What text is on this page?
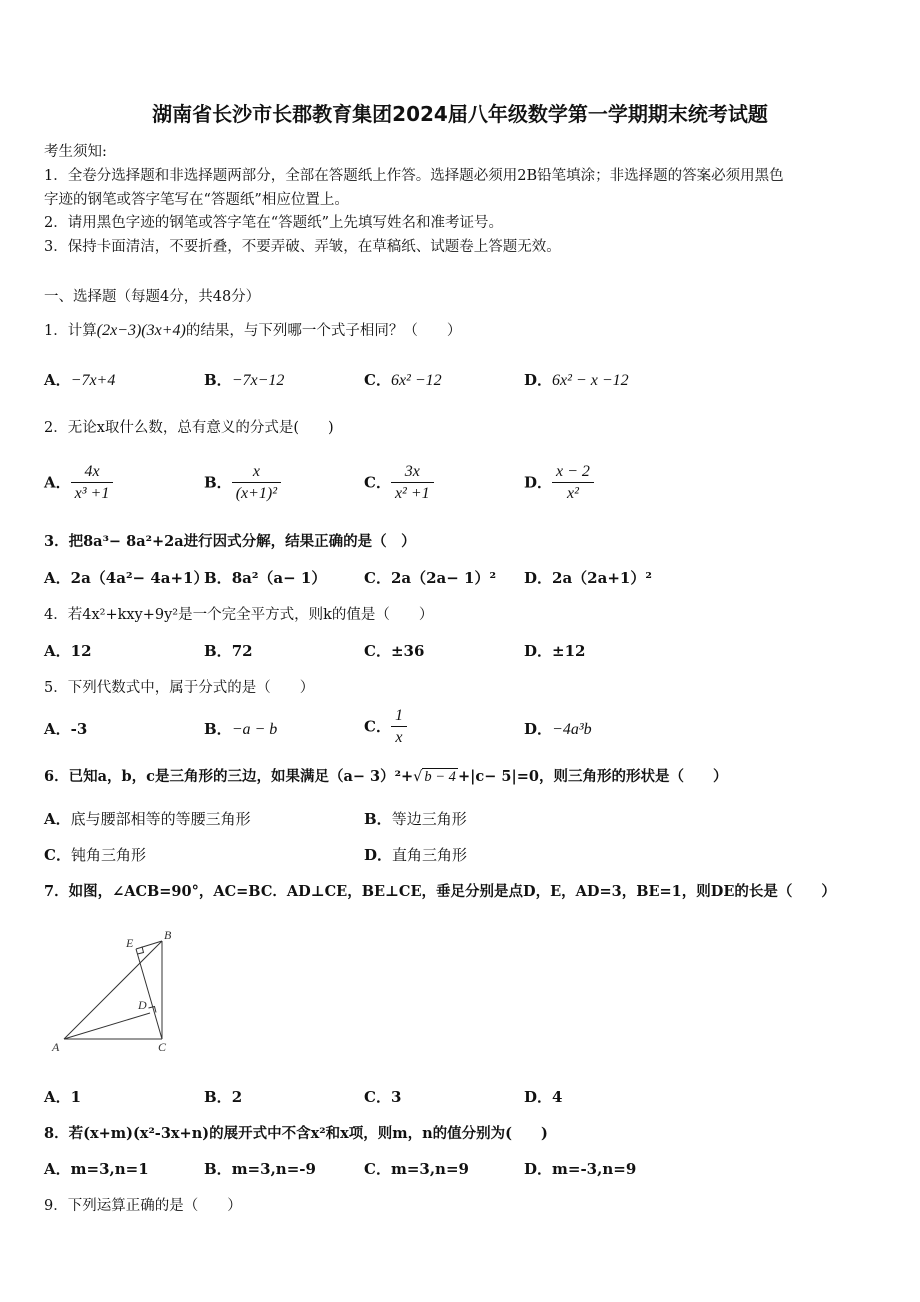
湖南省长沙市长郡教育集团2024届八年级数学第一学期期末统考试题
考生须知:
1．全卷分选择题和非选择题两部分，全部在答题纸上作答。选择题必须用2B铅笔填涂；非选择题的答案必须用黑色
字迹的钢笔或答字笔写在“答题纸”相应位置上。
2．请用黑色字迹的钢笔或答字笔在“答题纸”上先填写姓名和准考证号。
3．保持卡面清洁，不要折叠，不要弄破、弄皱，在草稿纸、试题卷上答题无效。
一、选择题（每题4分，共48分）
1．计算(2x−3)(3x+4)的结果，与下列哪一个式子相同？（　　）
A．−7x+4	B．−7x−12	C．6x² −12	D．6x² − x −12
2．无论x取什么数，总有意义的分式是(　　)
A． $\frac{4x}{\text{x³ +1}}$	B． $\frac{x}{\text{(x+1)²}}$	C． $\frac{3x}{\text{x² +1}}$	D． $\frac{x - 2}{\text{x²}}$
3．把8a³− 8a²+2a进行因式分解，结果正确的是（　）
A．2a（4a²− 4a+1）
B．8a²（a− 1）	C．2a（2a− 1）² D．2a（2a+1）²
4．若4x²+kxy+9y²是一个完全平方式，则k的值是（　　）
A．12	B．72	C．±36	D．±12
5．下列代数式中，属于分式的是（　　）
A．-3	B．−a − b	C． $\frac{1}{x}$	D．−4a³b
6．已知a，b，c是三角形的三边，如果满足（a− 3）²+√ b − 4 +|c− 5|=0，则三角形的形状是（　　）
A．底与腰部相等的等腰三角形	B．等边三角形
C．钝角三角形	D．直角三角形
7．如图，∠ACB=90°，AC=BC．AD⊥CE，BE⊥CE，垂足分别是点D，E，AD=3，BE=1，则DE的长是（　　）
A
B
C
D
E
A．1	B．2	C．3	D．4
8．若(x+m)(x²-3x+n)的展开式中不含x²和x项，则m，n的值分别为(　　)
A．m=3,n=1	B．m=3,n=-9	C．m=3,n=9	D．m=-3,n=9
9．下列运算正确的是（　　）
